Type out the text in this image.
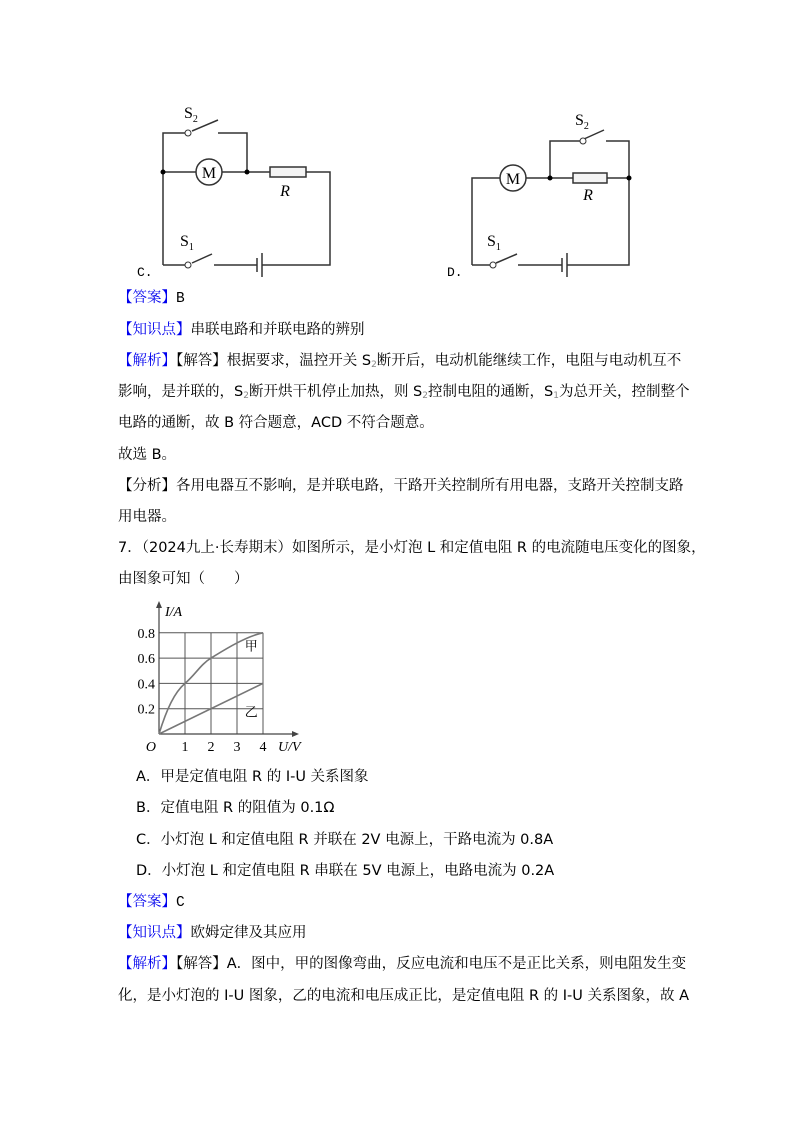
M
R
$S_2$
$S_1$
C.
M
R
$S_2$
$S_1$
D.
【答案】B
【知识点】串联电路和并联电路的辨别
【解析】【解答】根据要求，温控开关 $S_2$断开后，电动机能继续工作，电阻与电动机互不
影响，是并联的，$S_2$断开烘干机停止加热，则 $S_2$控制电阻的通断，$S_1$为总开关，控制整个
电路的通断，故 B 符合题意，ACD 不符合题意。
故选 B。
【分析】各用电器互不影响，是并联电路，干路开关控制所有用电器，支路开关控制支路
用电器。
7．（2024九上·长寿期末）如图所示，是小灯泡 L 和定值电阻 R 的电流随电压变化的图象，
由图象可知（　　）
U/V
I/A
1 2 3 4
0.2
0.4
0.6
0.8
O
甲
乙
A．甲是定值电阻 R 的 I-U 关系图象
B．定值电阻 R 的阻值为 0.1Ω
C．小灯泡 L 和定值电阻 R 并联在 2V 电源上，干路电流为 0.8A
D．小灯泡 L 和定值电阻 R 串联在 5V 电源上，电路电流为 0.2A
【答案】C
【知识点】欧姆定律及其应用
【解析】【解答】A．图中，甲的图像弯曲，反应电流和电压不是正比关系，则电阻发生变
化，是小灯泡的 I-U 图象，乙的电流和电压成正比，是定值电阻 R 的 I-U 关系图象，故 A
